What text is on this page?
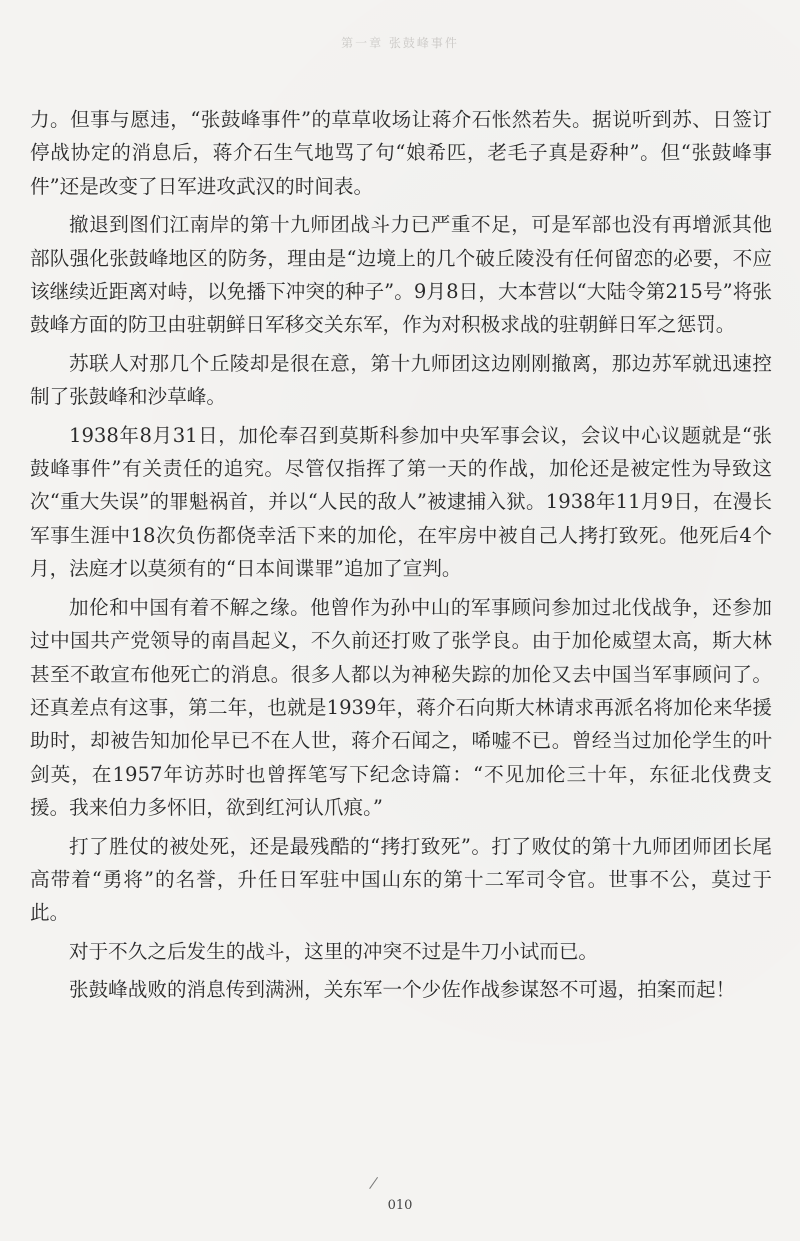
第一章 张鼓峰事件

力。但事与愿违，“张鼓峰事件”的草草收场让蒋介石怅然若失。据说听到苏、日签订停战协定的消息后，蒋介石生气地骂了句“娘希匹，老毛子真是孬种”。但“张鼓峰事件”还是改变了日军进攻武汉的时间表。

撤退到图们江南岸的第十九师团战斗力已严重不足，可是军部也没有再增派其他部队强化张鼓峰地区的防务，理由是“边境上的几个破丘陵没有任何留恋的必要，不应该继续近距离对峙，以免播下冲突的种子”。9月8日，大本营以“大陆令第215号”将张鼓峰方面的防卫由驻朝鲜日军移交关东军，作为对积极求战的驻朝鲜日军之惩罚。

苏联人对那几个丘陵却是很在意，第十九师团这边刚刚撤离，那边苏军就迅速控制了张鼓峰和沙草峰。

1938年8月31日，加伦奉召到莫斯科参加中央军事会议，会议中心议题就是“张鼓峰事件”有关责任的追究。尽管仅指挥了第一天的作战，加伦还是被定性为导致这次“重大失误”的罪魁祸首，并以“人民的敌人”被逮捕入狱。1938年11月9日，在漫长军事生涯中18次负伤都侥幸活下来的加伦，在牢房中被自己人拷打致死。他死后4个月，法庭才以莫须有的“日本间谍罪”追加了宣判。

加伦和中国有着不解之缘。他曾作为孙中山的军事顾问参加过北伐战争，还参加过中国共产党领导的南昌起义，不久前还打败了张学良。由于加伦威望太高，斯大林甚至不敢宣布他死亡的消息。很多人都以为神秘失踪的加伦又去中国当军事顾问了。还真差点有这事，第二年，也就是1939年，蒋介石向斯大林请求再派名将加伦来华援助时，却被告知加伦早已不在人世，蒋介石闻之，唏嘘不已。曾经当过加伦学生的叶剑英，在1957年访苏时也曾挥笔写下纪念诗篇：“不见加伦三十年，东征北伐费支援。我来伯力多怀旧，欲到红河认爪痕。”

打了胜仗的被处死，还是最残酷的“拷打致死”。打了败仗的第十九师团师团长尾高带着“勇将”的名誉，升任日军驻中国山东的第十二军司令官。世事不公，莫过于此。

对于不久之后发生的战斗，这里的冲突不过是牛刀小试而已。

张鼓峰战败的消息传到满洲，关东军一个少佐作战参谋怒不可遏，拍案而起！

010
